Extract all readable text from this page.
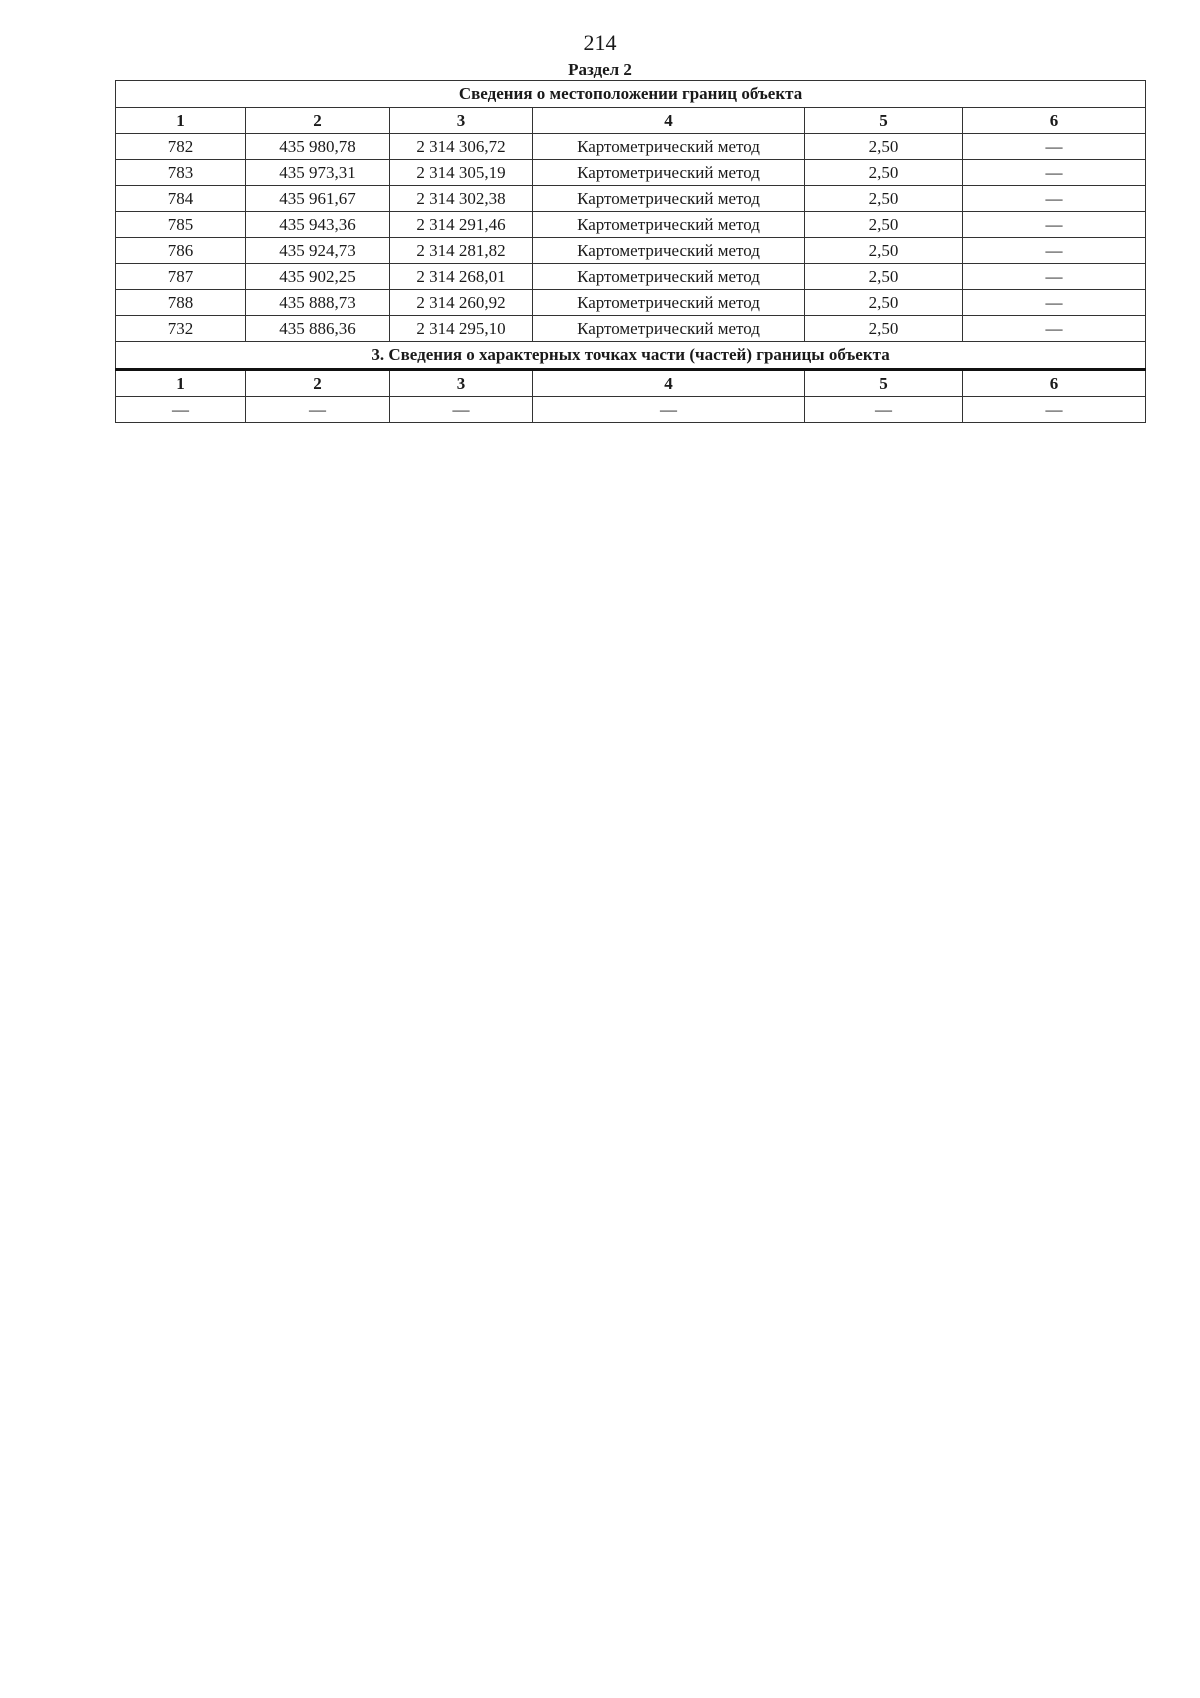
214
Раздел 2
Сведения о местоположении границ объекта					
1	2	3	4	5	6
782	435 980,78	2 314 306,72	Картометрический метод	2,50	—
783	435 973,31	2 314 305,19	Картометрический метод	2,50	—
784	435 961,67	2 314 302,38	Картометрический метод	2,50	—
785	435 943,36	2 314 291,46	Картометрический метод	2,50	—
786	435 924,73	2 314 281,82	Картометрический метод	2,50	—
787	435 902,25	2 314 268,01	Картометрический метод	2,50	—
788	435 888,73	2 314 260,92	Картометрический метод	2,50	—
732	435 886,36	2 314 295,10	Картометрический метод	2,50	—
3. Сведения о характерных точках части (частей) границы объекта					
1	2	3	4	5	6
—	—	—	—	—	—
